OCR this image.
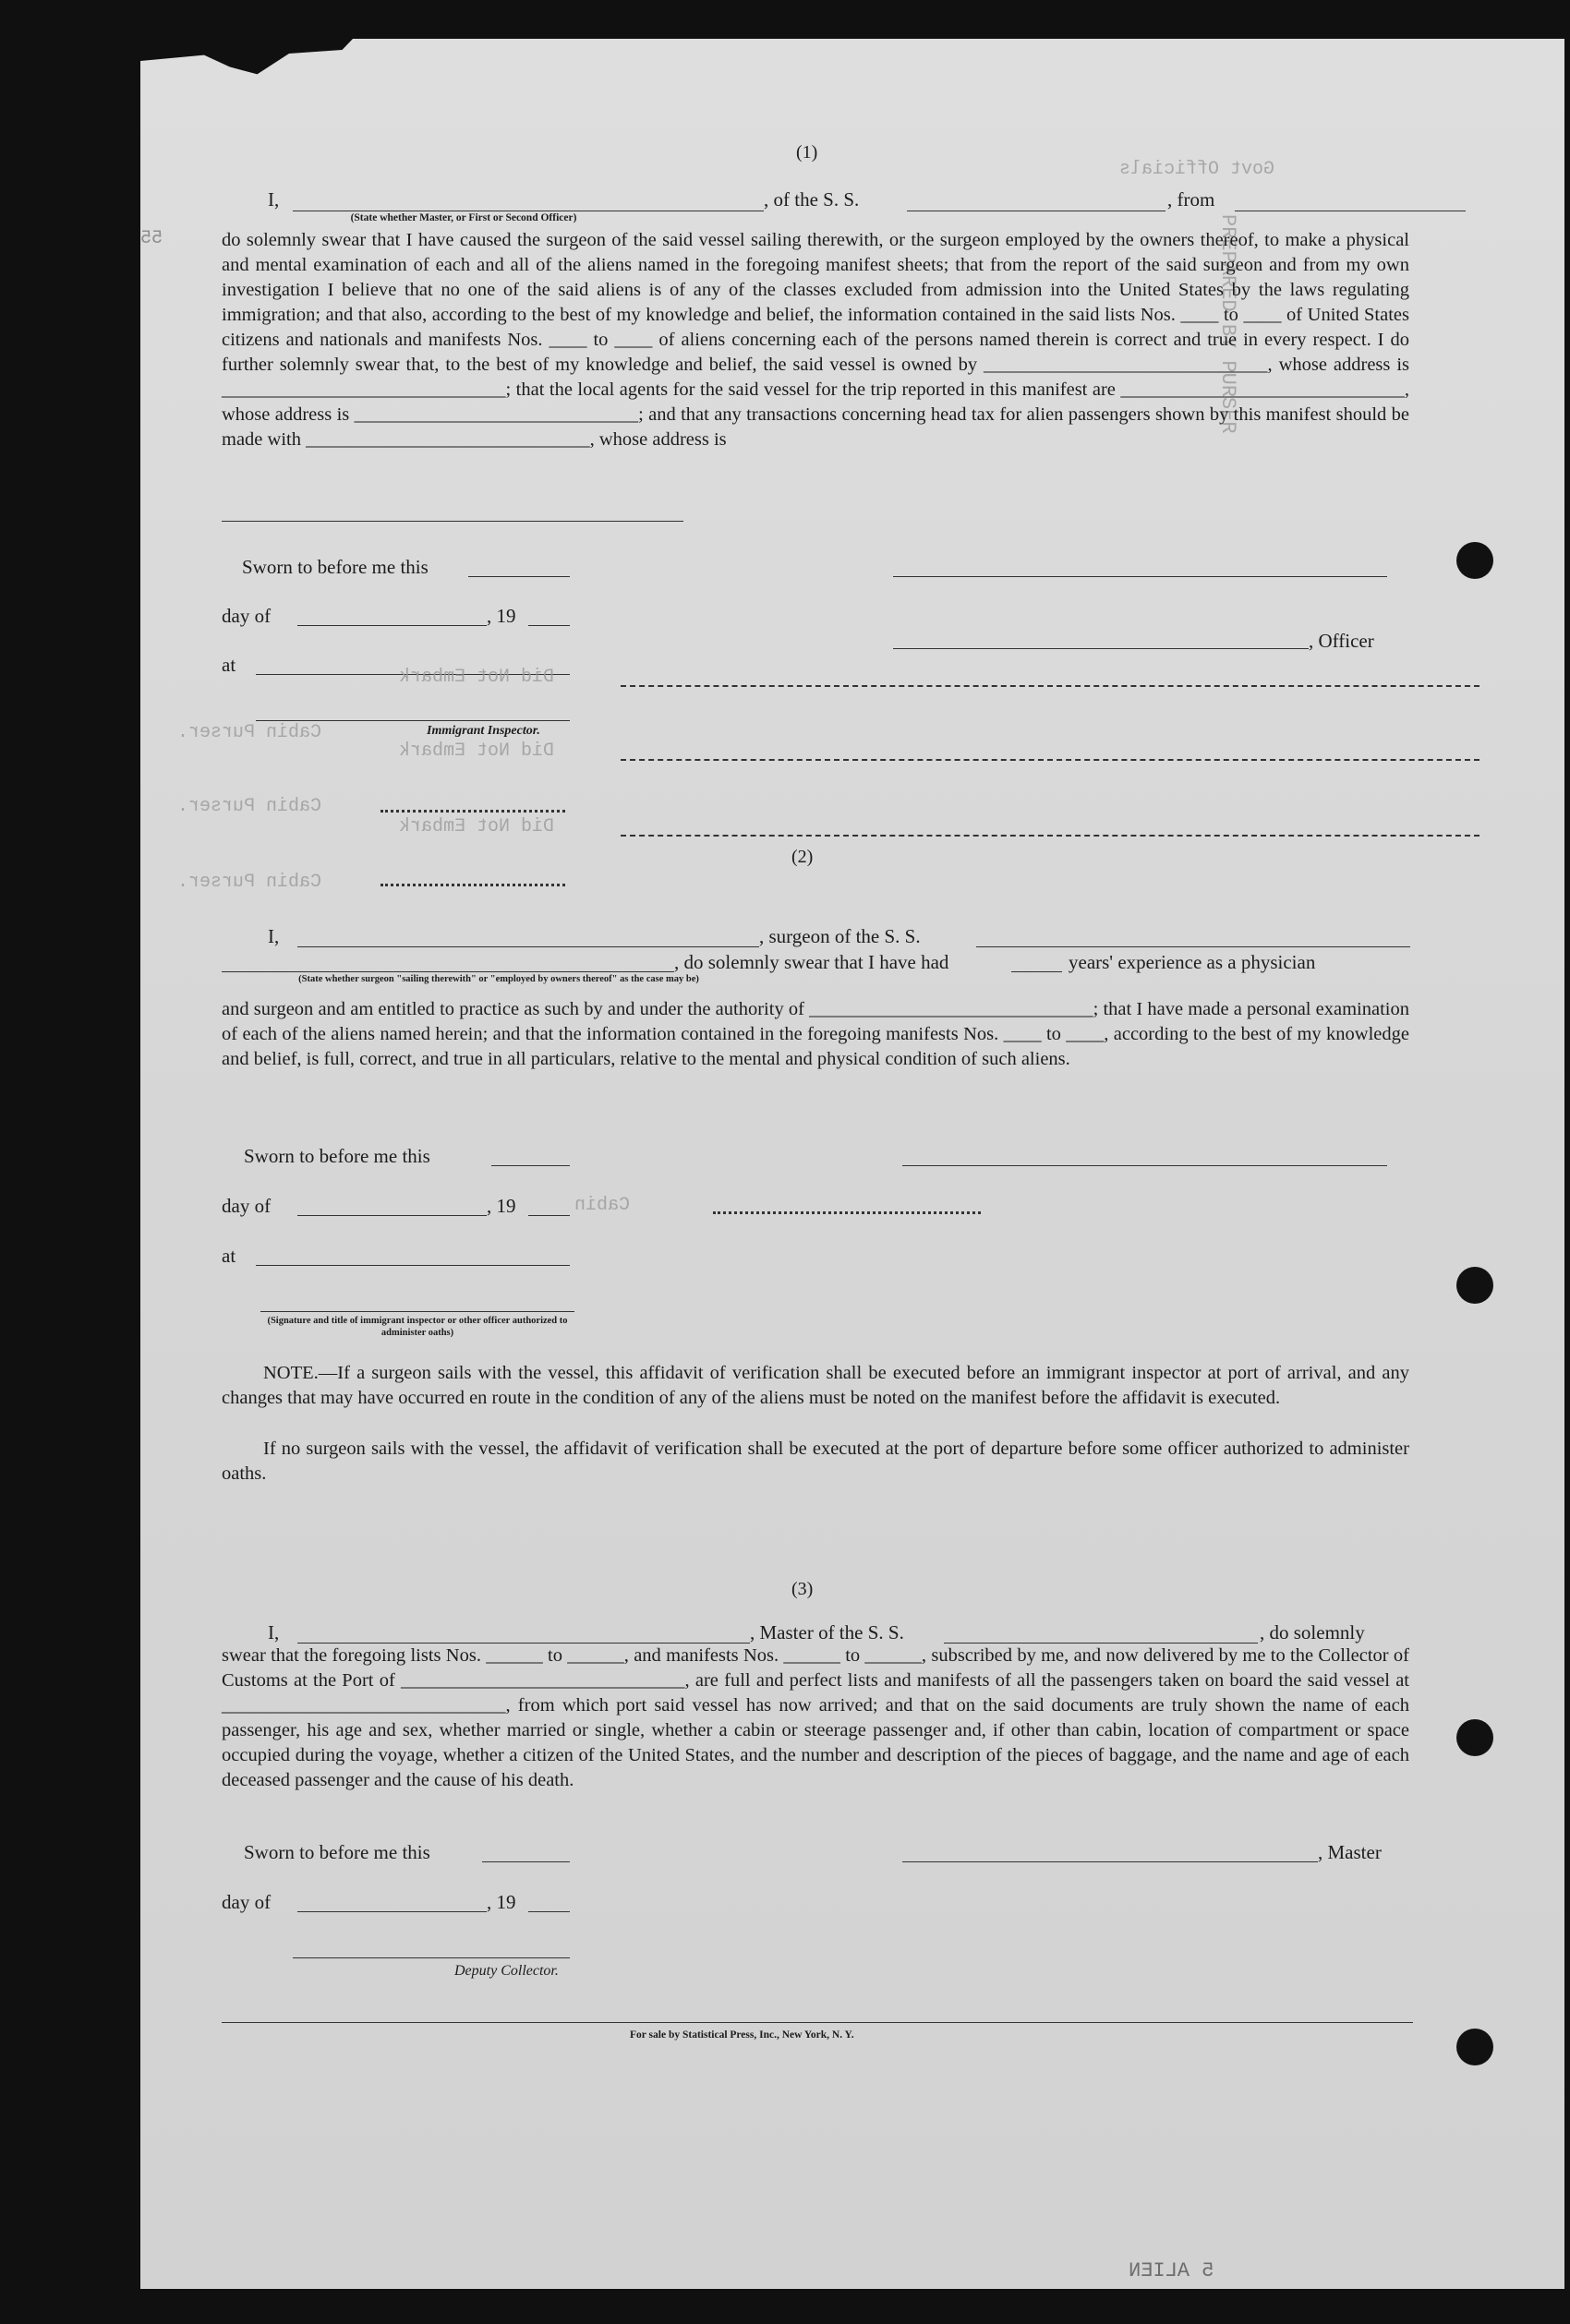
Govt Officials
PREPARED BY PURSER
55
(1)
I,	, of the S. S.	, from
(State whether Master, or First or Second Officer)
do solemnly swear that I have caused the surgeon of the said vessel sailing therewith, or the surgeon employed by the owners thereof, to make a physical and mental examination of each and all of the aliens named in the foregoing manifest sheets; that from the report of the said surgeon and from my own investigation I believe that no one of the said aliens is of any of the classes excluded from admission into the United States by the laws regulating immigration; and that also, according to the best of my knowledge and belief, the information contained in the said lists Nos. ____ to ____ of United States citizens and nationals and manifests Nos. ____ to ____ of aliens concerning each of the persons named therein is correct and true in every respect. I do further solemnly swear that, to the best of my knowledge and belief, the said vessel is owned by ______________________________, whose address is ______________________________; that the local agents for the said vessel for the trip reported in this manifest are ______________________________, whose address is ______________________________; and that any transactions concerning head tax for alien passengers shown by this manifest should be made with ______________________________, whose address is
Sworn to before me this
day of	, 19
, Officer
at
Did Not Embark
Cabin Purser.	Immigrant Inspector.
Did Not Embark
Cabin Purser.
Did Not Embark
(2)
Cabin Purser.
I,	, surgeon of the S. S.
, do solemnly swear that I have had	years' experience as a physician
(State whether surgeon "sailing therewith" or "employed by owners thereof" as the case may be)
and surgeon and am entitled to practice as such by and under the authority of ______________________________; that I have made a personal examination of each of the aliens named herein; and that the information contained in the foregoing manifests Nos. ____ to ____, according to the best of my knowledge and belief, is full, correct, and true in all particulars, relative to the mental and physical condition of such aliens.
Sworn to before me this
day of	, 19	Cabin
at
(Signature and title of immigrant inspector or other officer authorized to administer oaths)
NOTE.—If a surgeon sails with the vessel, this affidavit of verification shall be executed before an immigrant inspector at port of arrival, and any changes that may have occurred en route in the condition of any of the aliens must be noted on the manifest before the affidavit is executed.
If no surgeon sails with the vessel, the affidavit of verification shall be executed at the port of departure before some officer authorized to administer oaths.
(3)
I,	, Master of the S. S.	, do solemnly
swear that the foregoing lists Nos. ______ to ______, and manifests Nos. ______ to ______, subscribed by me, and now delivered by me to the Collector of Customs at the Port of ______________________________, are full and perfect lists and manifests of all the passengers taken on board the said vessel at ______________________________, from which port said vessel has now arrived; and that on the said documents are truly shown the name of each passenger, his age and sex, whether married or single, whether a cabin or steerage passenger and, if other than cabin, location of compartment or space occupied during the voyage, whether a citizen of the United States, and the number and description of the pieces of baggage, and the name and age of each deceased passenger and the cause of his death.
Sworn to before me this	, Master
day of	, 19
Deputy Collector.
For sale by Statistical Press, Inc., New York, N. Y.
5 ALIEN
